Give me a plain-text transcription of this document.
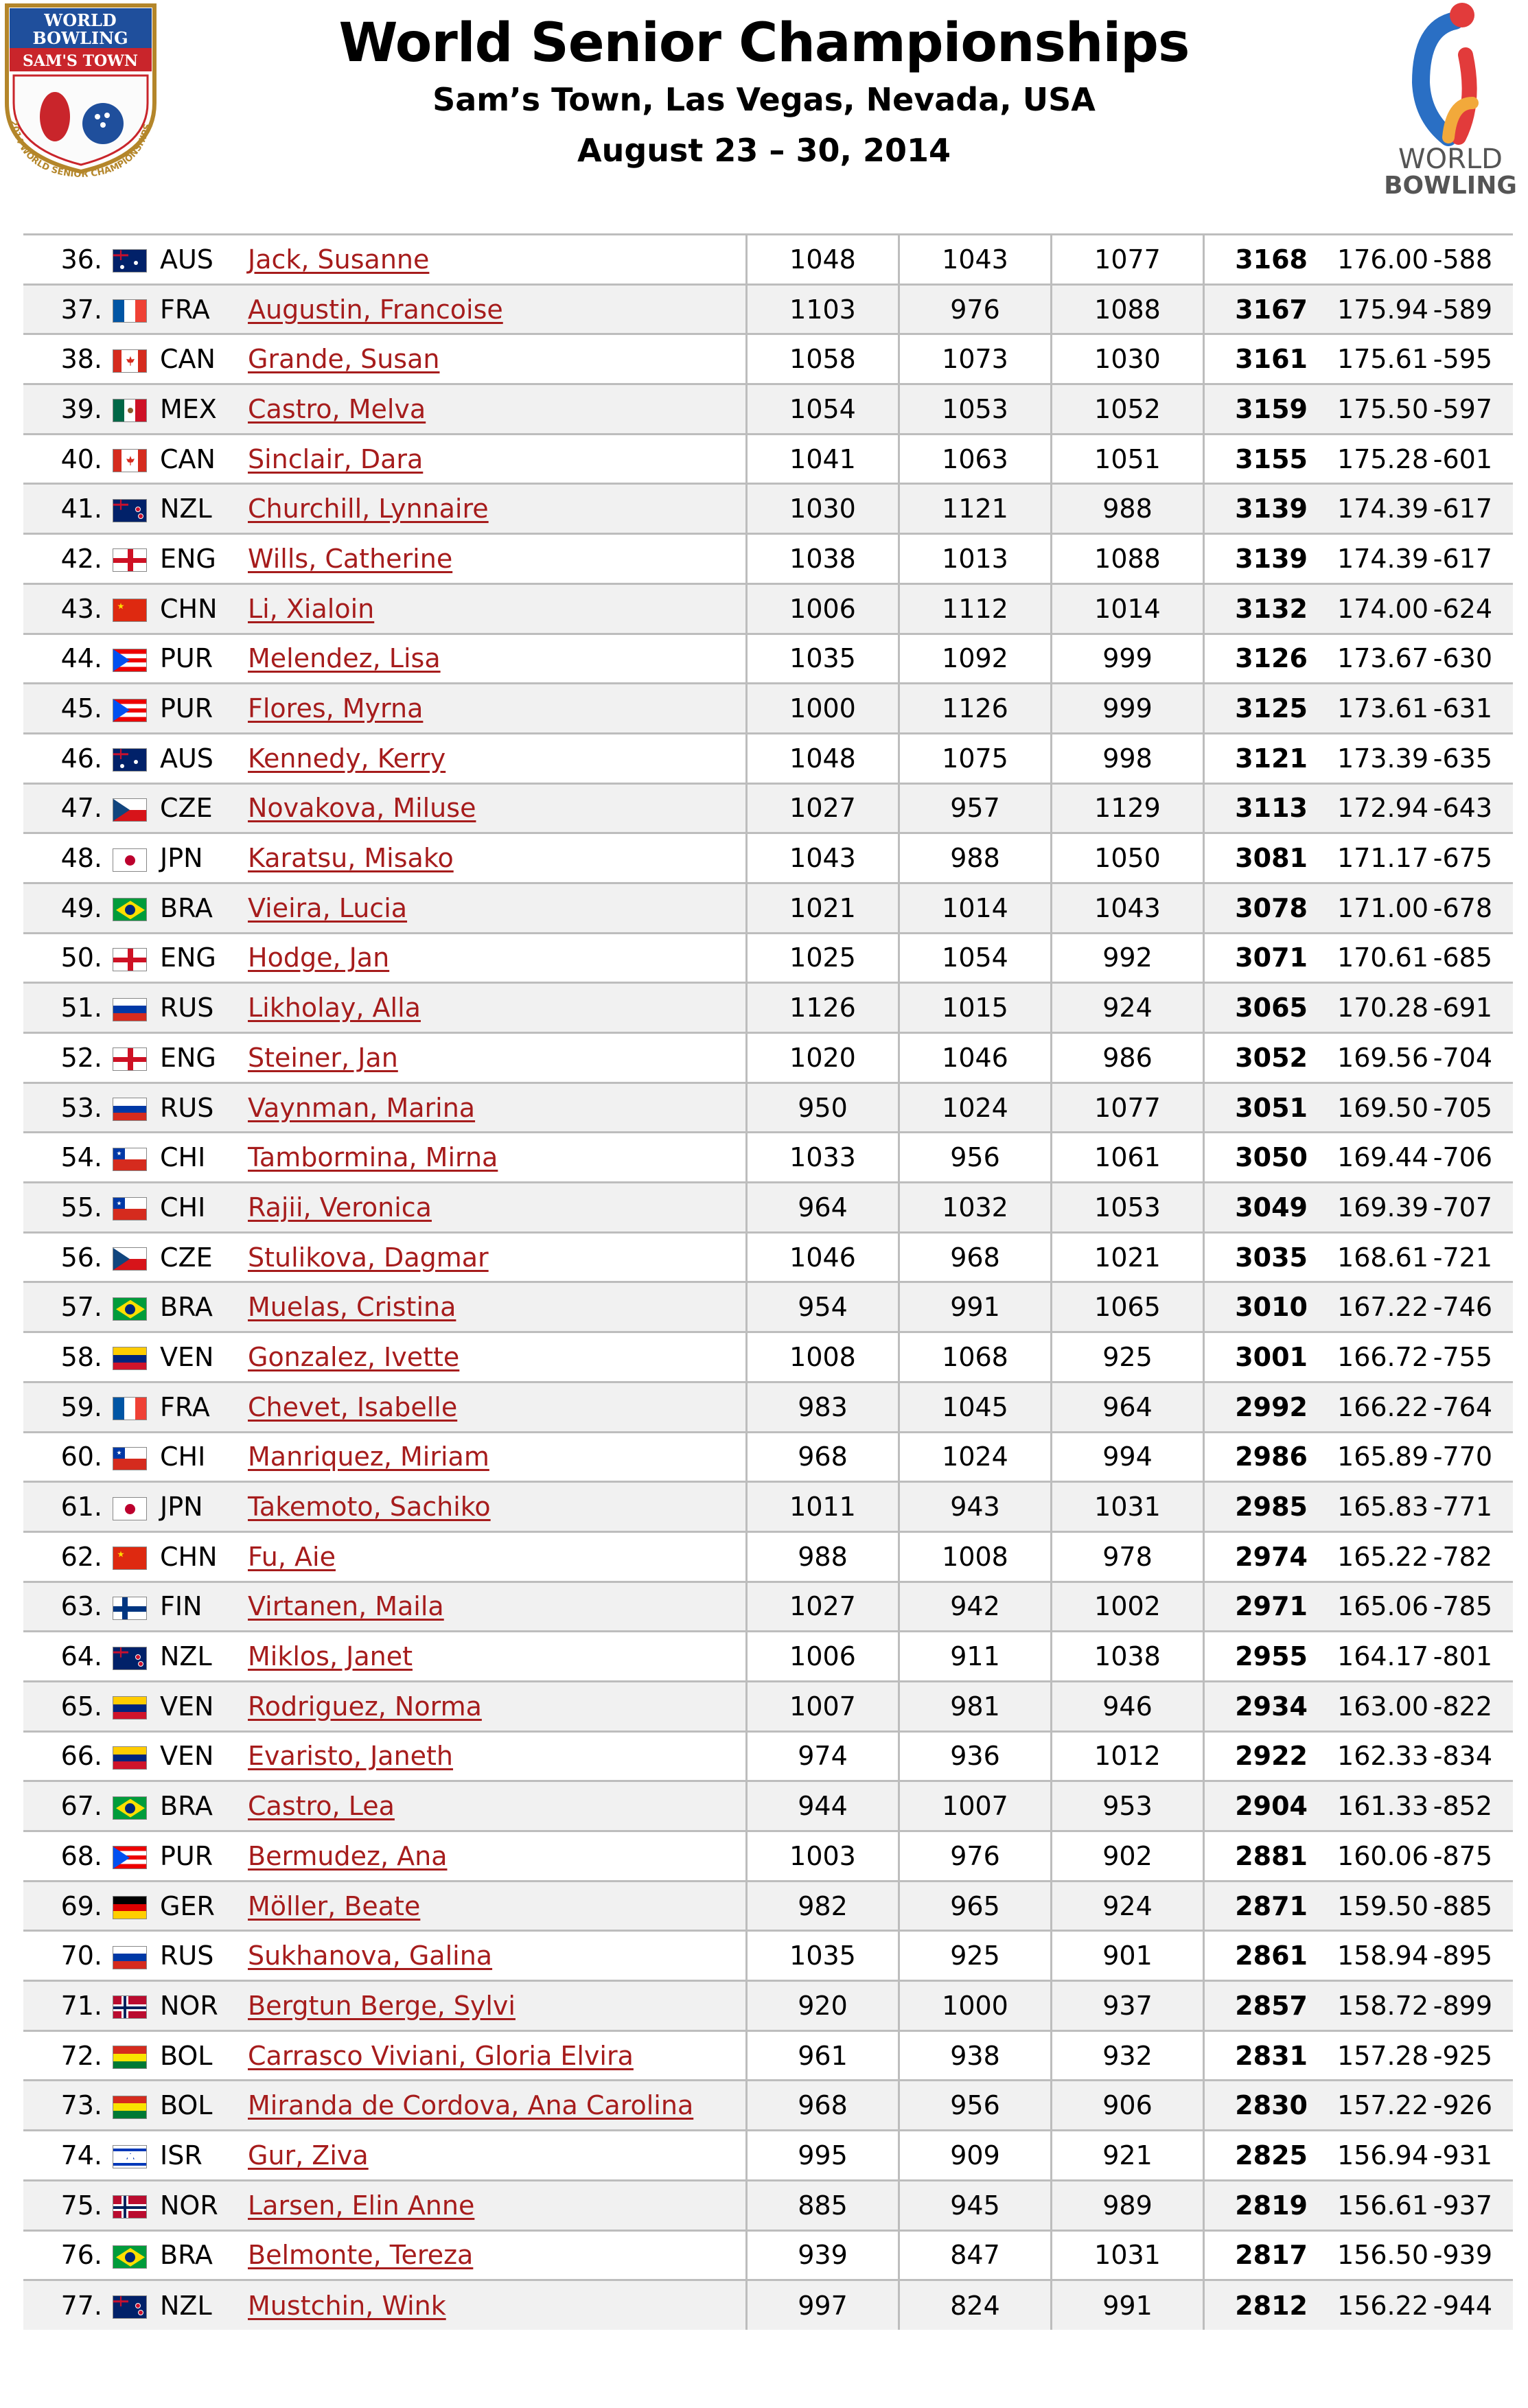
WORLD
BOWLING
SAM'S TOWN
2014 WORLD SENIOR CHAMPIONSHIPS
World Senior Championships
Sam’s Town, Las Vegas, Nevada, USA
August 23 – 30, 2014	WORLD
BOWLING
36.		AUS	Jack, Susanne	1048	1043	1077	3168	176.00	-588
37.		FRA	Augustin, Francoise	1103	976	1088	3167	175.94	-589
38.		CAN	Grande, Susan	1058	1073	1030	3161	175.61	-595
39.		MEX	Castro, Melva	1054	1053	1052	3159	175.50	-597
40.		CAN	Sinclair, Dara	1041	1063	1051	3155	175.28	-601
41.		NZL	Churchill, Lynnaire	1030	1121	988	3139	174.39	-617
42.		ENG	Wills, Catherine	1038	1013	1088	3139	174.39	-617
43.		CHN	Li, Xialoin	1006	1112	1014	3132	174.00	-624
44.		PUR	Melendez, Lisa	1035	1092	999	3126	173.67	-630
45.		PUR	Flores, Myrna	1000	1126	999	3125	173.61	-631
46.		AUS	Kennedy, Kerry	1048	1075	998	3121	173.39	-635
47.		CZE	Novakova, Miluse	1027	957	1129	3113	172.94	-643
48.		JPN	Karatsu, Misako	1043	988	1050	3081	171.17	-675
49.		BRA	Vieira, Lucia	1021	1014	1043	3078	171.00	-678
50.		ENG	Hodge, Jan	1025	1054	992	3071	170.61	-685
51.		RUS	Likholay, Alla	1126	1015	924	3065	170.28	-691
52.		ENG	Steiner, Jan	1020	1046	986	3052	169.56	-704
53.		RUS	Vaynman, Marina	950	1024	1077	3051	169.50	-705
54.		CHI	Tambormina, Mirna	1033	956	1061	3050	169.44	-706
55.		CHI	Rajii, Veronica	964	1032	1053	3049	169.39	-707
56.		CZE	Stulikova, Dagmar	1046	968	1021	3035	168.61	-721
57.		BRA	Muelas, Cristina	954	991	1065	3010	167.22	-746
58.		VEN	Gonzalez, Ivette	1008	1068	925	3001	166.72	-755
59.		FRA	Chevet, Isabelle	983	1045	964	2992	166.22	-764
60.		CHI	Manriquez, Miriam	968	1024	994	2986	165.89	-770
61.		JPN	Takemoto, Sachiko	1011	943	1031	2985	165.83	-771
62.		CHN	Fu, Aie	988	1008	978	2974	165.22	-782
63.		FIN	Virtanen, Maila	1027	942	1002	2971	165.06	-785
64.		NZL	Miklos, Janet	1006	911	1038	2955	164.17	-801
65.		VEN	Rodriguez, Norma	1007	981	946	2934	163.00	-822
66.		VEN	Evaristo, Janeth	974	936	1012	2922	162.33	-834
67.		BRA	Castro, Lea	944	1007	953	2904	161.33	-852
68.		PUR	Bermudez, Ana	1003	976	902	2881	160.06	-875
69.		GER	Möller, Beate	982	965	924	2871	159.50	-885
70.		RUS	Sukhanova, Galina	1035	925	901	2861	158.94	-895
71.		NOR	Bergtun Berge, Sylvi	920	1000	937	2857	158.72	-899
72.		BOL	Carrasco Viviani, Gloria Elvira	961	938	932	2831	157.28	-925
73.		BOL	Miranda de Cordova, Ana Carolina	968	956	906	2830	157.22	-926
74.		ISR	Gur, Ziva	995	909	921	2825	156.94	-931
75.		NOR	Larsen, Elin Anne	885	945	989	2819	156.61	-937
76.		BRA	Belmonte, Tereza	939	847	1031	2817	156.50	-939
77.		NZL	Mustchin, Wink	997	824	991	2812	156.22	-944
